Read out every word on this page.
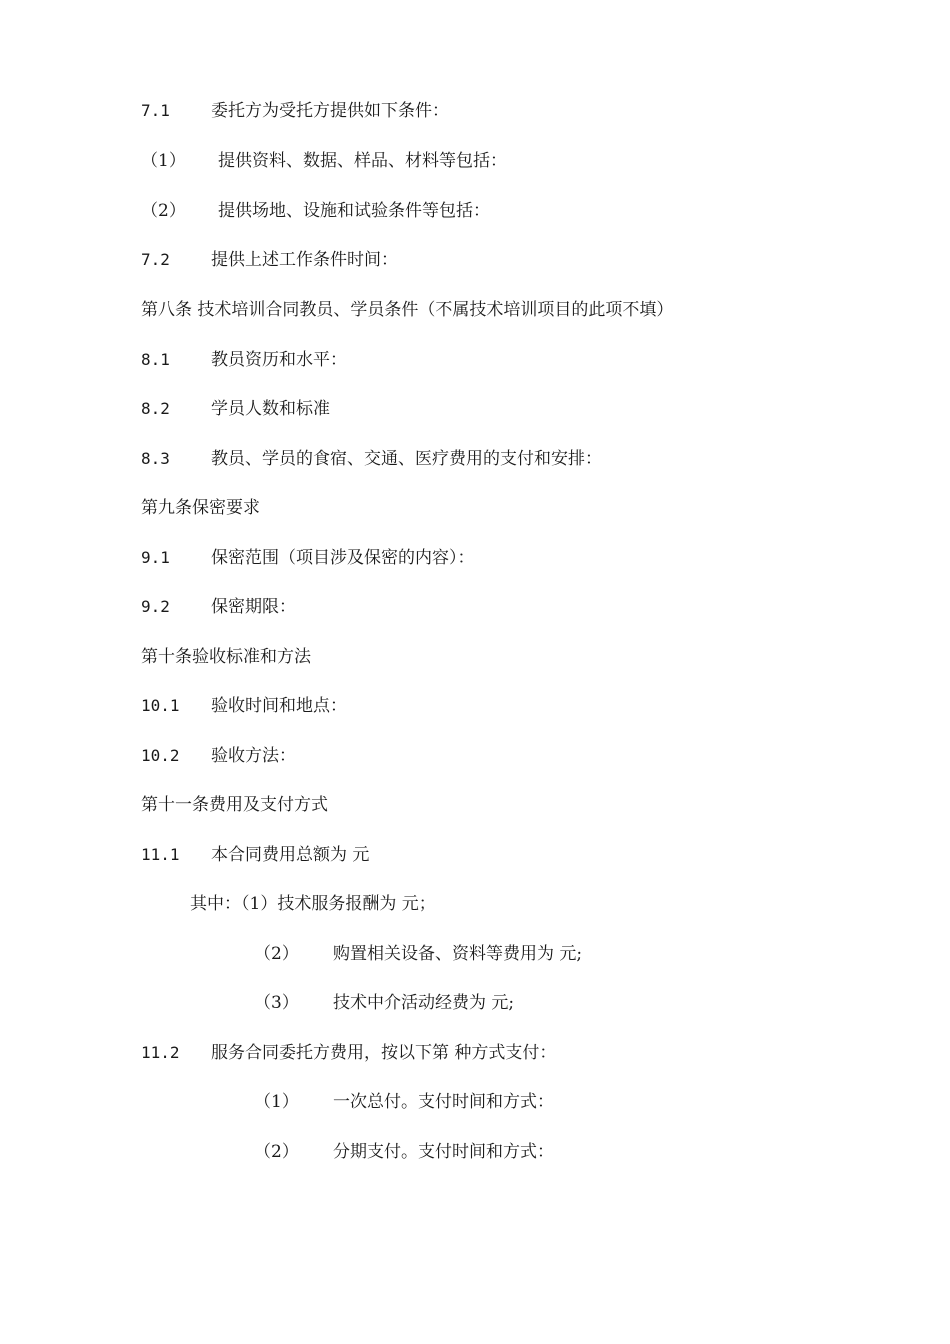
7.1 委托方为受托方提供如下条件：
（1） 提供资料、数据、样品、材料等包括：
（2） 提供场地、设施和试验条件等包括：
7.2 提供上述工作条件时间：
第八条 技术培训合同教员、学员条件（不属技术培训项目的此项不填）
8.1 教员资历和水平：
8.2 学员人数和标准
8.3 教员、学员的食宿、交通、医疗费用的支付和安排：
第九条保密要求
9.1 保密范围（项目涉及保密的内容）：
9.2 保密期限：
第十条验收标准和方法
10.1 验收时间和地点：
10.2 验收方法：
第十一条费用及支付方式
11.1 本合同费用总额为 元
其中：（1）技术服务报酬为 元；
（2） 购置相关设备、资料等费用为 元;
（3） 技术中介活动经费为 元;
11.2 服务合同委托方费用，按以下第 种方式支付：
（1） 一次总付。支付时间和方式：
（2） 分期支付。支付时间和方式：
